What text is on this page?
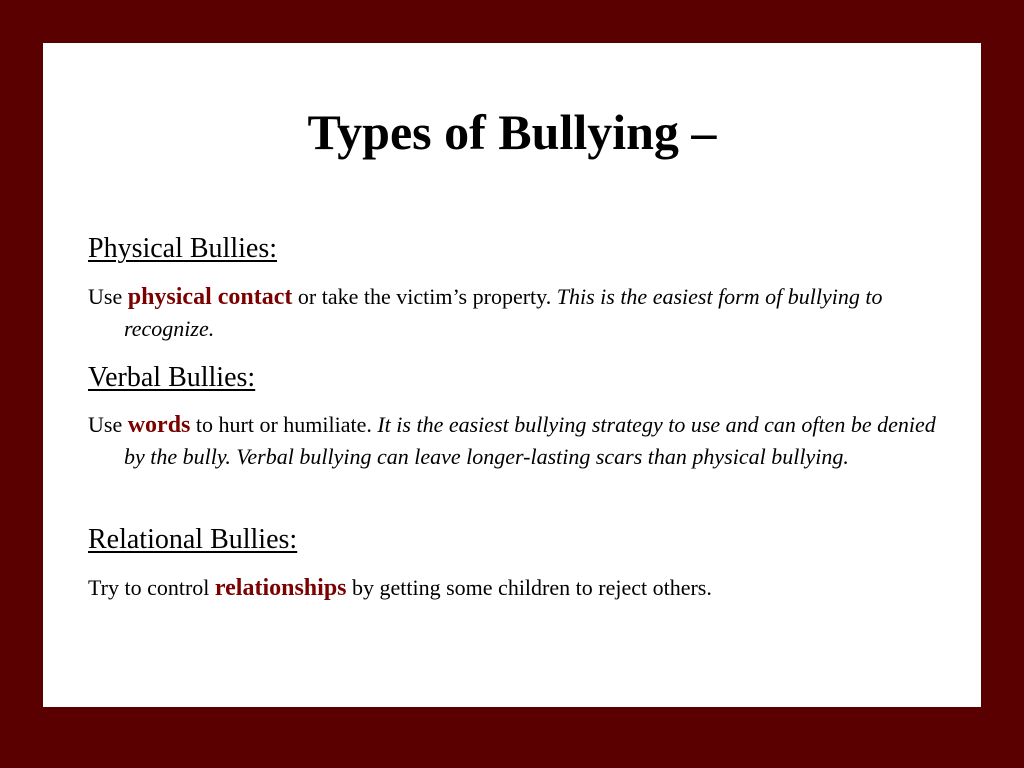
Types of Bullying –
Physical Bullies:
Use physical contact or take the victim’s property. This is the easiest form of bullying to recognize.
Verbal Bullies:
Use words to hurt or humiliate. It is the easiest bullying strategy to use and can often be denied by the bully. Verbal bullying can leave longer-lasting scars than physical bullying.
Relational Bullies:
Try to control relationships by getting some children to reject others.
